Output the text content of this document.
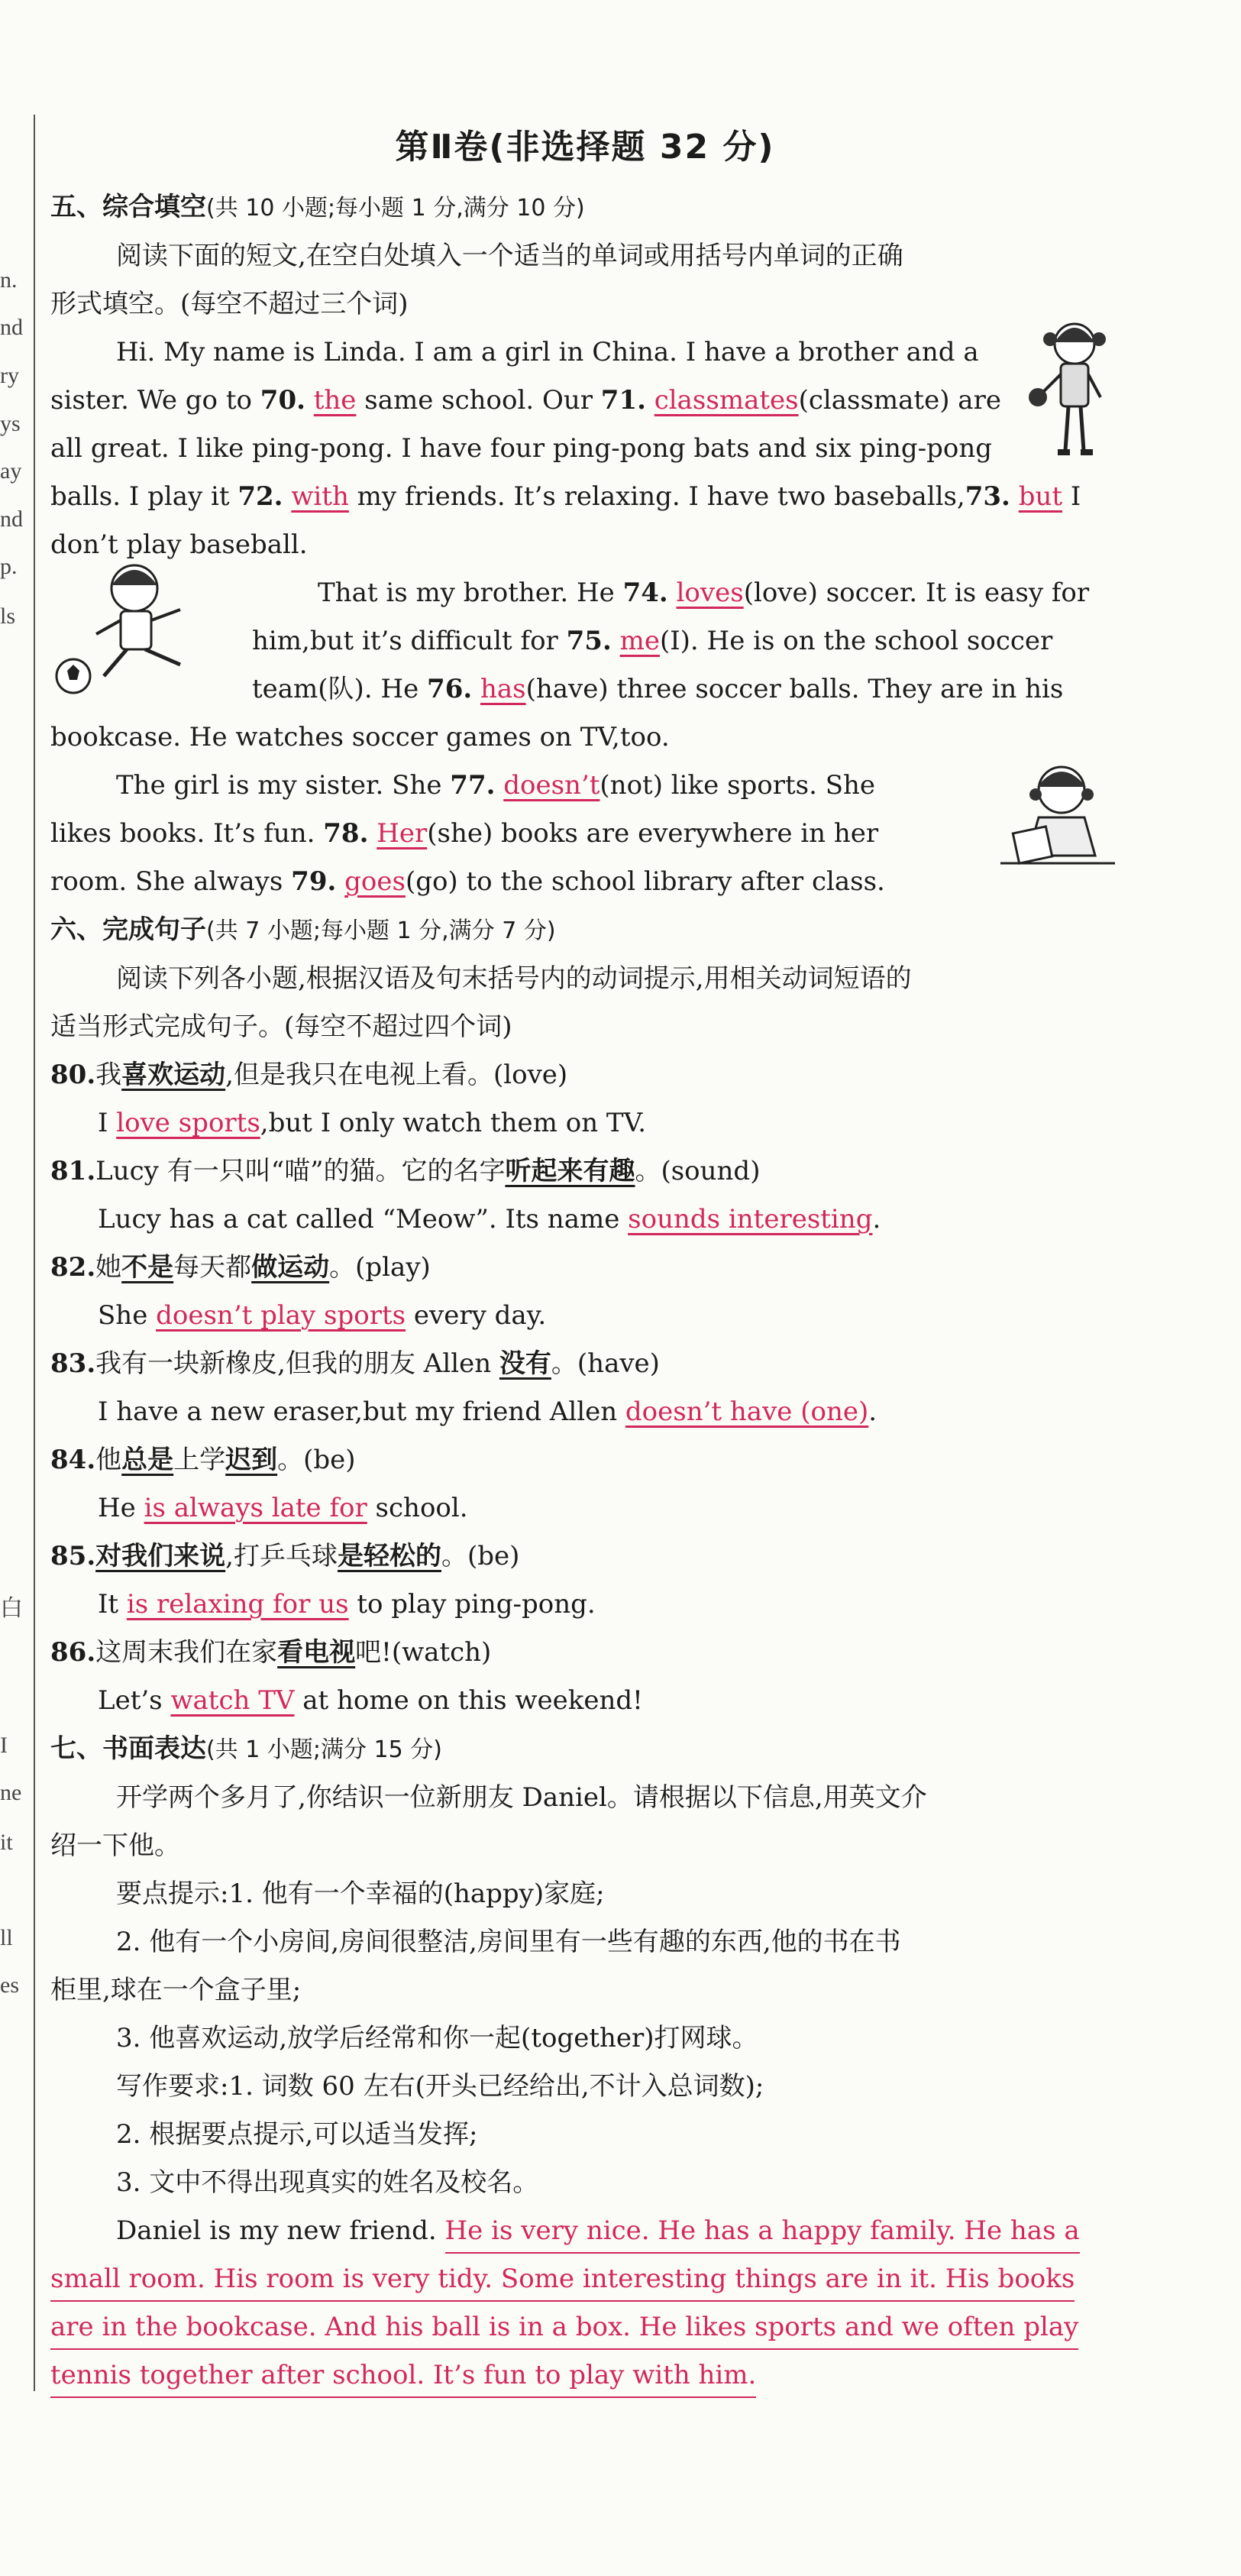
n.
nd
ry
ys
ay
nd
p.
ls
白
I
ne
it
ll
es
第Ⅱ卷(非选择题 32 分)
五、综合填空(共 10 小题;每小题 1 分,满分 10 分)
阅读下面的短文,在空白处填入一个适当的单词或用括号内单词的正确
形式填空。(每空不超过三个词)
Hi. My name is Linda. I am a girl in China. I have a brother and a
sister. We go to 70. the same school. Our 71. classmates(classmate) are
all great. I like ping-pong. I have four ping-pong bats and six ping-pong
balls. I play it 72. with my friends. It’s relaxing. I have two baseballs,73. but I
don’t play baseball.
That is my brother. He 74. loves(love) soccer. It is easy for
him,but it’s difficult for 75. me(I). He is on the school soccer
team(队). He 76. has(have) three soccer balls. They are in his
bookcase. He watches soccer games on TV,too.
The girl is my sister. She 77. doesn’t(not) like sports. She
likes books. It’s fun. 78. Her(she) books are everywhere in her
room. She always 79. goes(go) to the school library after class.
六、完成句子(共 7 小题;每小题 1 分,满分 7 分)
阅读下列各小题,根据汉语及句末括号内的动词提示,用相关动词短语的
适当形式完成句子。(每空不超过四个词)
80.我喜欢运动,但是我只在电视上看。(love)
I love sports,but I only watch them on TV.
81.Lucy 有一只叫“喵”的猫。它的名字听起来有趣。(sound)
Lucy has a cat called “Meow”. Its name sounds interesting.
82.她不是每天都做运动。(play)
She doesn’t play sports every day.
83.我有一块新橡皮,但我的朋友 Allen 没有。(have)
I have a new eraser,but my friend Allen doesn’t have (one).
84.他总是上学迟到。(be)
He is always late for school.
85.对我们来说,打乒乓球是轻松的。(be)
It is relaxing for us to play ping-pong.
86.这周末我们在家看电视吧!(watch)
Let’s watch TV at home on this weekend!
七、书面表达(共 1 小题;满分 15 分)
开学两个多月了,你结识一位新朋友 Daniel。请根据以下信息,用英文介
绍一下他。
要点提示:1. 他有一个幸福的(happy)家庭;
2. 他有一个小房间,房间很整洁,房间里有一些有趣的东西,他的书在书
柜里,球在一个盒子里;
3. 他喜欢运动,放学后经常和你一起(together)打网球。
写作要求:1. 词数 60 左右(开头已经给出,不计入总词数);
2. 根据要点提示,可以适当发挥;
3. 文中不得出现真实的姓名及校名。
Daniel is my new friend. He is very nice. He has a happy family. He has a
small room. His room is very tidy. Some interesting things are in it. His books
are in the bookcase. And his ball is in a box. He likes sports and we often play
tennis together after school. It’s fun to play with him.
